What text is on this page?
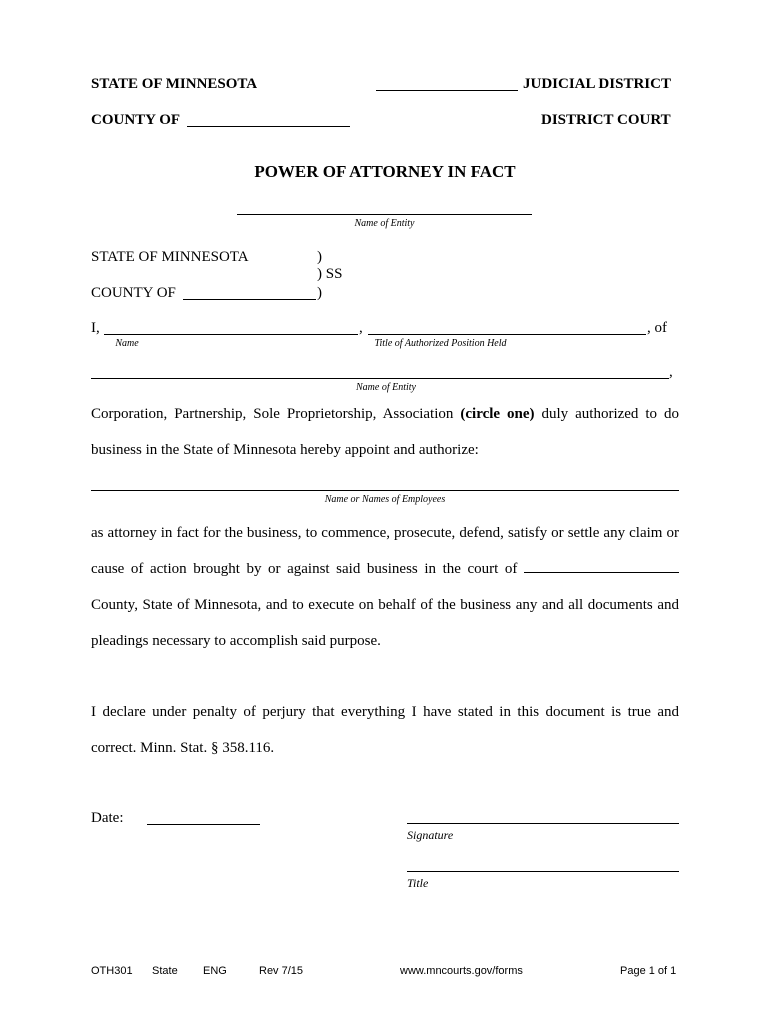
STATE OF MINNESOTA	JUDICIAL DISTRICT
COUNTY OF	DISTRICT COURT
POWER OF ATTORNEY IN FACT
Name of Entity
STATE OF MINNESOTA	)
) SS
COUNTY OF	)
I,	,	, of
Name	Title of Authorized Position Held
,
Name of Entity
Corporation, Partnership, Sole Proprietorship, Association (circle one) duly authorized to do business in the State of Minnesota hereby appoint and authorize:
Name or Names of Employees
as attorney in fact for the business, to commence, prosecute, defend, satisfy or settle any claim or cause of action brought by or against said business in the court of  County, State of Minnesota, and to execute on behalf of the business any and all documents and pleadings necessary to accomplish said purpose.
I declare under penalty of perjury that everything I have stated in this document is true and correct. Minn. Stat. § 358.116.
Date:
Signature
Title
OTH301 State ENG	Rev 7/15	www.mncourts.gov/forms	Page 1 of 1
